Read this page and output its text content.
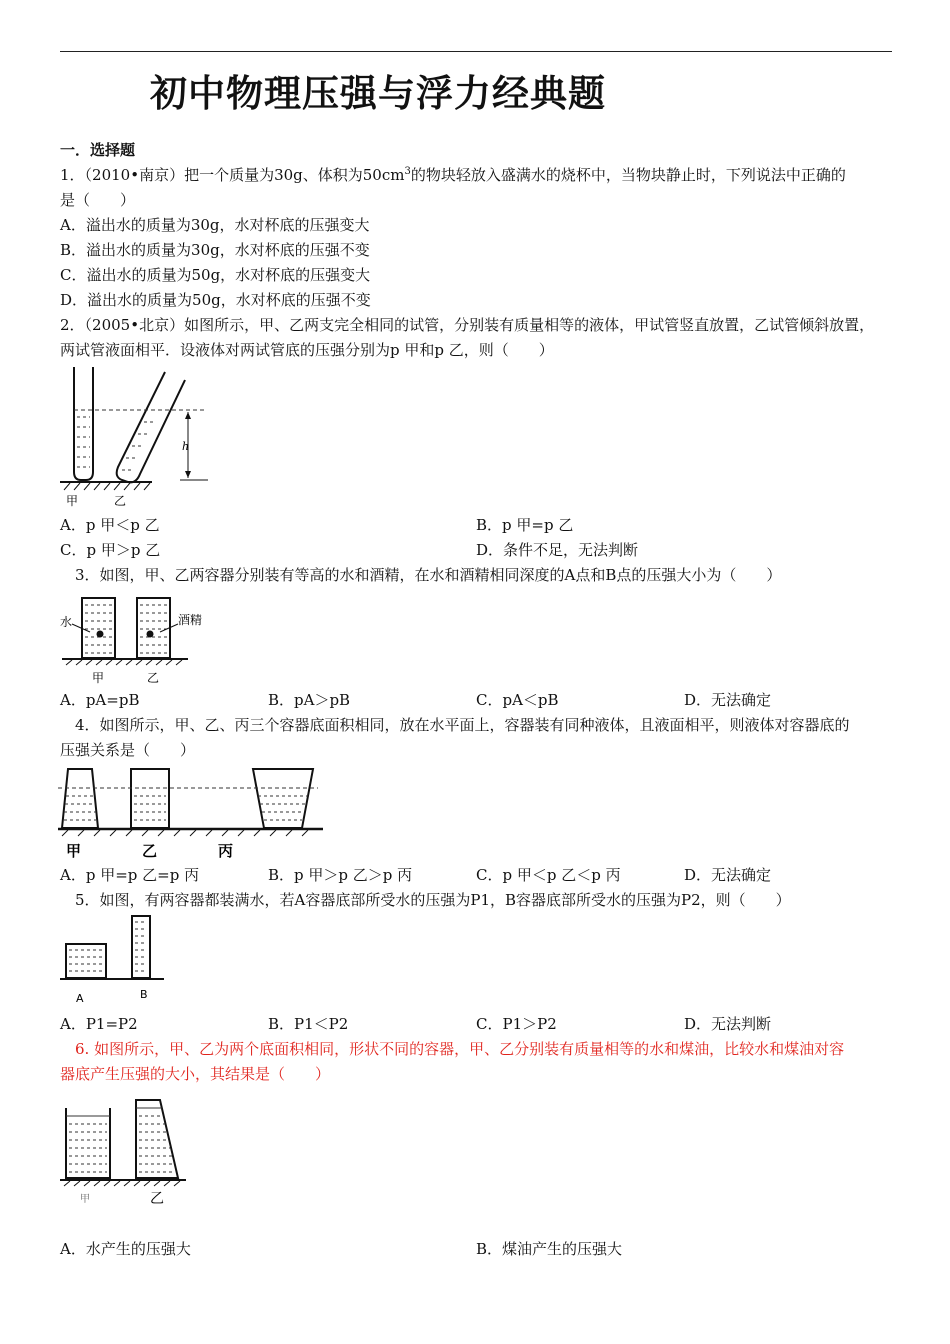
初中物理压强与浮力经典题
一．选择题
1．（2010•南京）把一个质量为30g、体积为$50cm^3$的物块轻放入盛满水的烧杯中，当物块静止时，下列说法中正确的
是（　　）
A．溢出水的质量为30g，水对杯底的压强变大
B．溢出水的质量为30g，水对杯底的压强不变
C．溢出水的质量为50g，水对杯底的压强变大
D．溢出水的质量为50g，水对杯底的压强不变
2．（2005•北京）如图所示，甲、乙两支完全相同的试管，分别装有质量相等的液体，甲试管竖直放置，乙试管倾斜放置，
两试管液面相平．设液体对两试管底的压强分别为p 甲和p 乙，则（　　）
h
甲	乙
A．p 甲＜p 乙	B．p 甲=p 乙
C．p 甲＞p 乙	D．条件不足，无法判断
　3．如图，甲、乙两容器分别装有等高的水和酒精，在水和酒精相同深度的A点和B点的压强大小为（　　）
水	酒精
甲	乙
A．pA=pB	B．pA＞pB	C．pA＜pB	D．无法确定
　4．如图所示，甲、乙、丙三个容器底面积相同，放在水平面上，容器装有同种液体，且液面相平，则液体对容器底的
压强关系是（　　）
甲	乙	丙
A．p 甲=p 乙=p 丙	B．p 甲＞p 乙＞p 丙	C．p 甲＜p 乙＜p 丙	D．无法确定
　5．如图，有两容器都装满水，若A容器底部所受水的压强为P1，B容器底部所受水的压强为P2，则（　　）
A	B
A．P1=P2	B．P1＜P2	C．P1＞P2	D．无法判断
　6. 如图所示，甲、乙为两个底面积相同，形状不同的容器，甲、乙分别装有质量相等的水和煤油，比较水和煤油对容
器底产生压强的大小，其结果是（　　）
甲	乙
A．水产生的压强大	B．煤油产生的压强大
